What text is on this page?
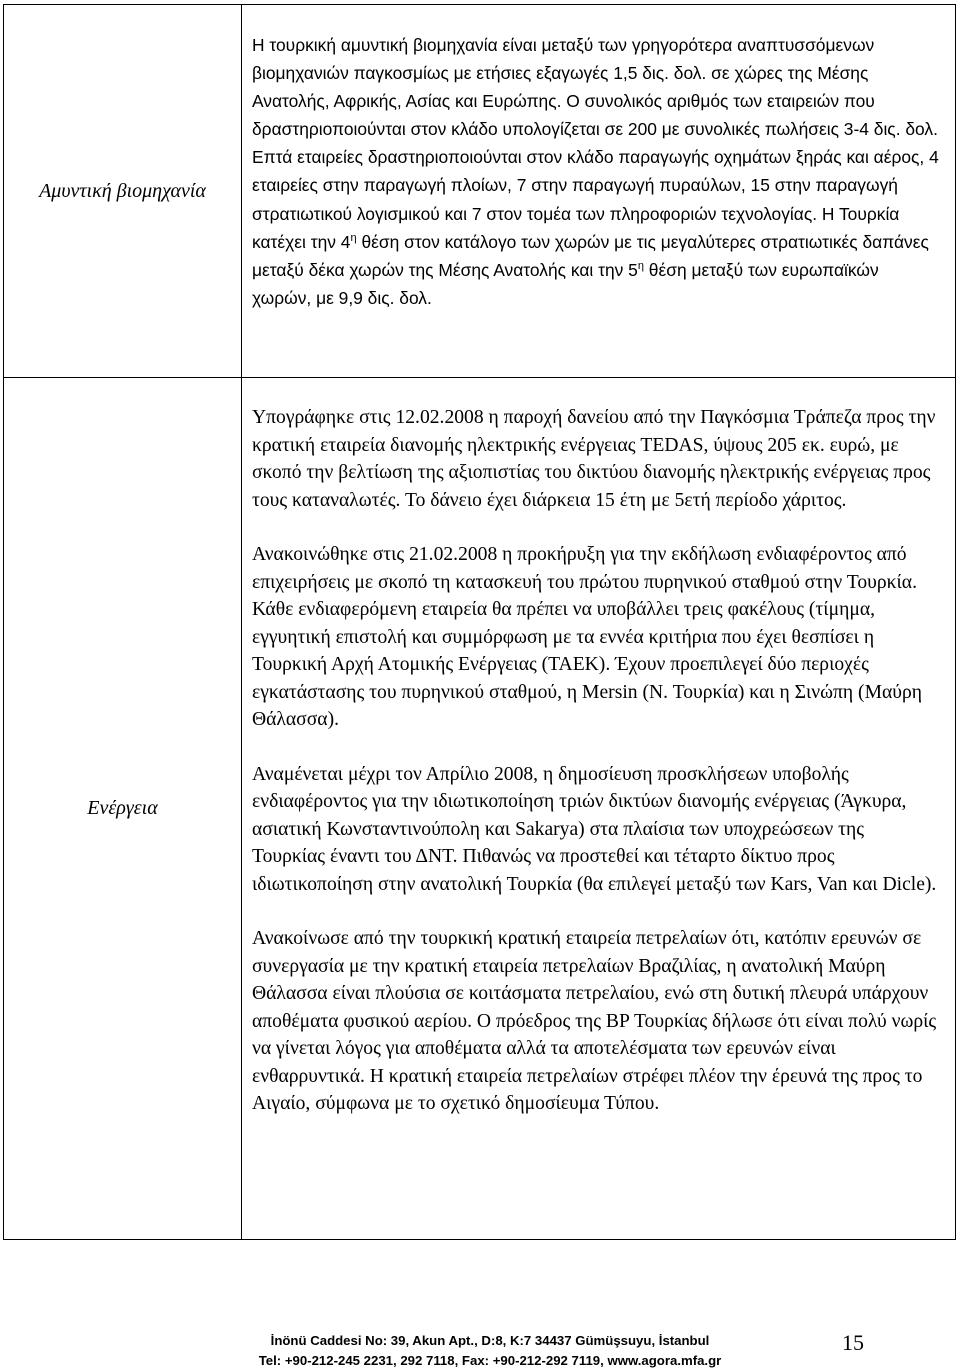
Αμυντική βιομηχανία	Η τουρκική αμυντική βιομηχανία είναι μεταξύ των γρηγορότερα αναπτυσσόμενων βιομηχανιών παγκοσμίως με ετήσιες εξαγωγές 1,5 δις. δολ. σε χώρες της Μέσης Ανατολής, Αφρικής, Ασίας και Ευρώπης. Ο συνολικός αριθμός των εταιρειών που δραστηριοποιούνται στον κλάδο υπολογίζεται σε 200 με συνολικές πωλήσεις 3-4 δις. δολ. Επτά εταιρείες δραστηριοποιούνται στον κλάδο παραγωγής οχημάτων ξηράς και αέρος, 4 εταιρείες στην παραγωγή πλοίων, 7 στην παραγωγή πυραύλων, 15 στην παραγωγή στρατιωτικού λογισμικού και 7 στον τομέα των πληροφοριών τεχνολογίας. Η Τουρκία κατέχει την $4^\eta$ θέση στον κατάλογο των χωρών με τις μεγαλύτερες στρατιωτικές δαπάνες μεταξύ δέκα χωρών της Μέσης Ανατολής και την $5^\eta$ θέση μεταξύ των ευρωπαϊκών χωρών, με 9,9 δις. δολ.

Ενέργεια	Υπογράφηκε στις 12.02.2008 η παροχή δανείου από την Παγκόσμια Τράπεζα προς την κρατική εταιρεία διανομής ηλεκτρικής ενέργειας TEDAS, ύψους 205 εκ. ευρώ, με σκοπό την βελτίωση της αξιοπιστίας του δικτύου διανομής ηλεκτρικής ενέργειας προς τους καταναλωτές. Το δάνειο έχει διάρκεια 15 έτη με 5ετή περίοδο χάριτος.

Ανακοινώθηκε στις 21.02.2008 η προκήρυξη για την εκδήλωση ενδιαφέροντος από επιχειρήσεις με σκοπό τη κατασκευή του πρώτου πυρηνικού σταθμού στην Τουρκία. Κάθε ενδιαφερόμενη εταιρεία θα πρέπει να υποβάλλει τρεις φακέλους (τίμημα, εγγυητική επιστολή και συμμόρφωση με τα εννέα κριτήρια που έχει θεσπίσει η Τουρκική Αρχή Ατομικής Ενέργειας (ΤΑΕΚ). Έχουν προεπιλεγεί δύο περιοχές εγκατάστασης του πυρηνικού σταθμού, η Mersin (Ν. Τουρκία) και η Σινώπη (Μαύρη Θάλασσα).

Αναμένεται μέχρι τον Απρίλιο 2008, η δημοσίευση προσκλήσεων υποβολής ενδιαφέροντος για την ιδιωτικοποίηση τριών δικτύων διανομής ενέργειας (Άγκυρα, ασιατική Κωνσταντινούπολη και Sakarya) στα πλαίσια των υποχρεώσεων της Τουρκίας έναντι του ΔΝΤ. Πιθανώς να προστεθεί και τέταρτο δίκτυο προς ιδιωτικοποίηση στην ανατολική Τουρκία (θα επιλεγεί μεταξύ των Kars, Van και Dicle).

Ανακοίνωσε από την τουρκική κρατική εταιρεία πετρελαίων ότι, κατόπιν ερευνών σε συνεργασία με την κρατική εταιρεία πετρελαίων Βραζιλίας, η ανατολική Μαύρη Θάλασσα είναι πλούσια σε κοιτάσματα πετρελαίου, ενώ στη δυτική πλευρά υπάρχουν αποθέματα φυσικού αερίου. Ο πρόεδρος της BP Τουρκίας δήλωσε ότι είναι πολύ νωρίς να γίνεται λόγος για αποθέματα αλλά τα αποτελέσματα των ερευνών είναι ενθαρρυντικά. Η κρατική εταιρεία πετρελαίων στρέφει πλέον την έρευνά της προς το Αιγαίο, σύμφωνα με το σχετικό δημοσίευμα Τύπου.

İnönü Caddesi No: 39, Akun Apt., D:8, K:7 34437 Gümüşsuyu, İstanbul
Tel: +90-212-245 2231, 292 7118, Fax: +90-212-292 7119, www.agora.mfa.gr
15
